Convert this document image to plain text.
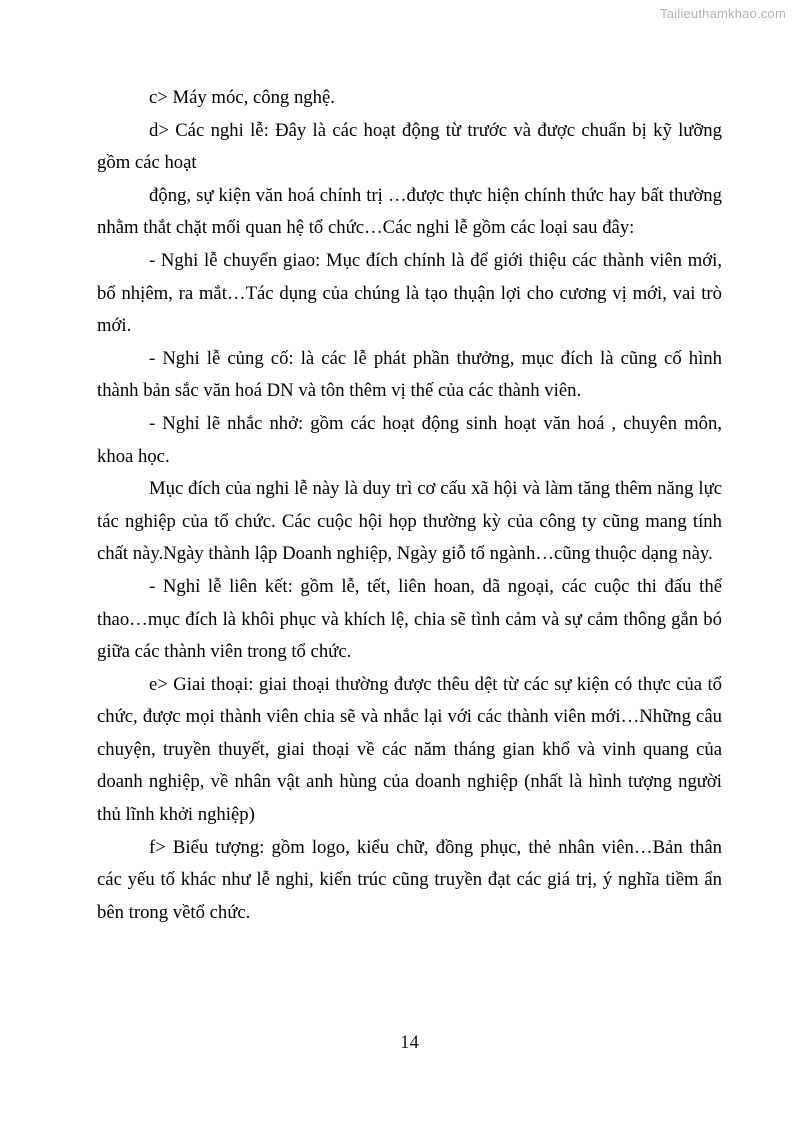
Tailieuthamkhao.com

c> Máy móc, công nghệ.

d> Các nghi lễ: Đây là các hoạt động từ trước và được chuẩn bị kỹ lưỡng gồm các hoạt

động, sự kiện văn hoá chính trị …được thực hiện chính thức hay bất thường nhằm thắt chặt mối quan hệ tổ chức…Các nghi lễ gồm các loại sau đây:

- Nghi lễ chuyển giao: Mục đích chính là để giới thiệu các thành viên mới, bổ nhịêm, ra mắt…Tác dụng của chúng là tạo thụận lợi cho cương vị mới, vai trò mới.

- Nghi lễ củng cố: là các lễ phát phần thưởng, mục đích là cũng cố hình thành bản sắc văn hoá DN và tôn thêm vị thế của các thành viên.

- Nghỉ lẽ nhắc nhở: gồm các hoạt động sinh hoạt văn hoá , chuyên môn, khoa học.

Mục đích của nghi lễ này là duy trì cơ cấu xã hội và làm tăng thêm năng lực tác nghiệp của tổ chức. Các cuộc hội họp thường kỳ của công ty cũng mang tính chất này.Ngày thành lập Doanh nghiệp, Ngày giỗ tổ ngành…cũng thuộc dạng này.

- Nghỉ lễ liên kết: gồm lễ, tết, liên hoan, dã ngoại, các cuộc thi đấu thể thao…mục đích là khôi phục và khích lệ, chia sẽ tình cảm và sự cảm thông gắn bó giữa các thành viên trong tổ chức.

e> Giai thoại: giai thoại thường được thêu dệt từ các sự kiện có thực của tổ chức, được mọi thành viên chia sẽ và nhắc lại với các thành viên mới…Những câu chuyện, truyền thuyết, giai thoại về các năm tháng gian khổ và vinh quang của doanh nghiệp, về nhân vật anh hùng của doanh nghiệp (nhất là hình tượng người thủ lĩnh khởi nghiệp)

f> Biểu tượng: gồm logo, kiểu chữ, đồng phục, thẻ nhân viên…Bản thân các yếu tố khác như lễ nghi, kiến trúc cũng truyền đạt các giá trị, ý nghĩa tiềm ẩn bên trong vềtổ chức.

14
